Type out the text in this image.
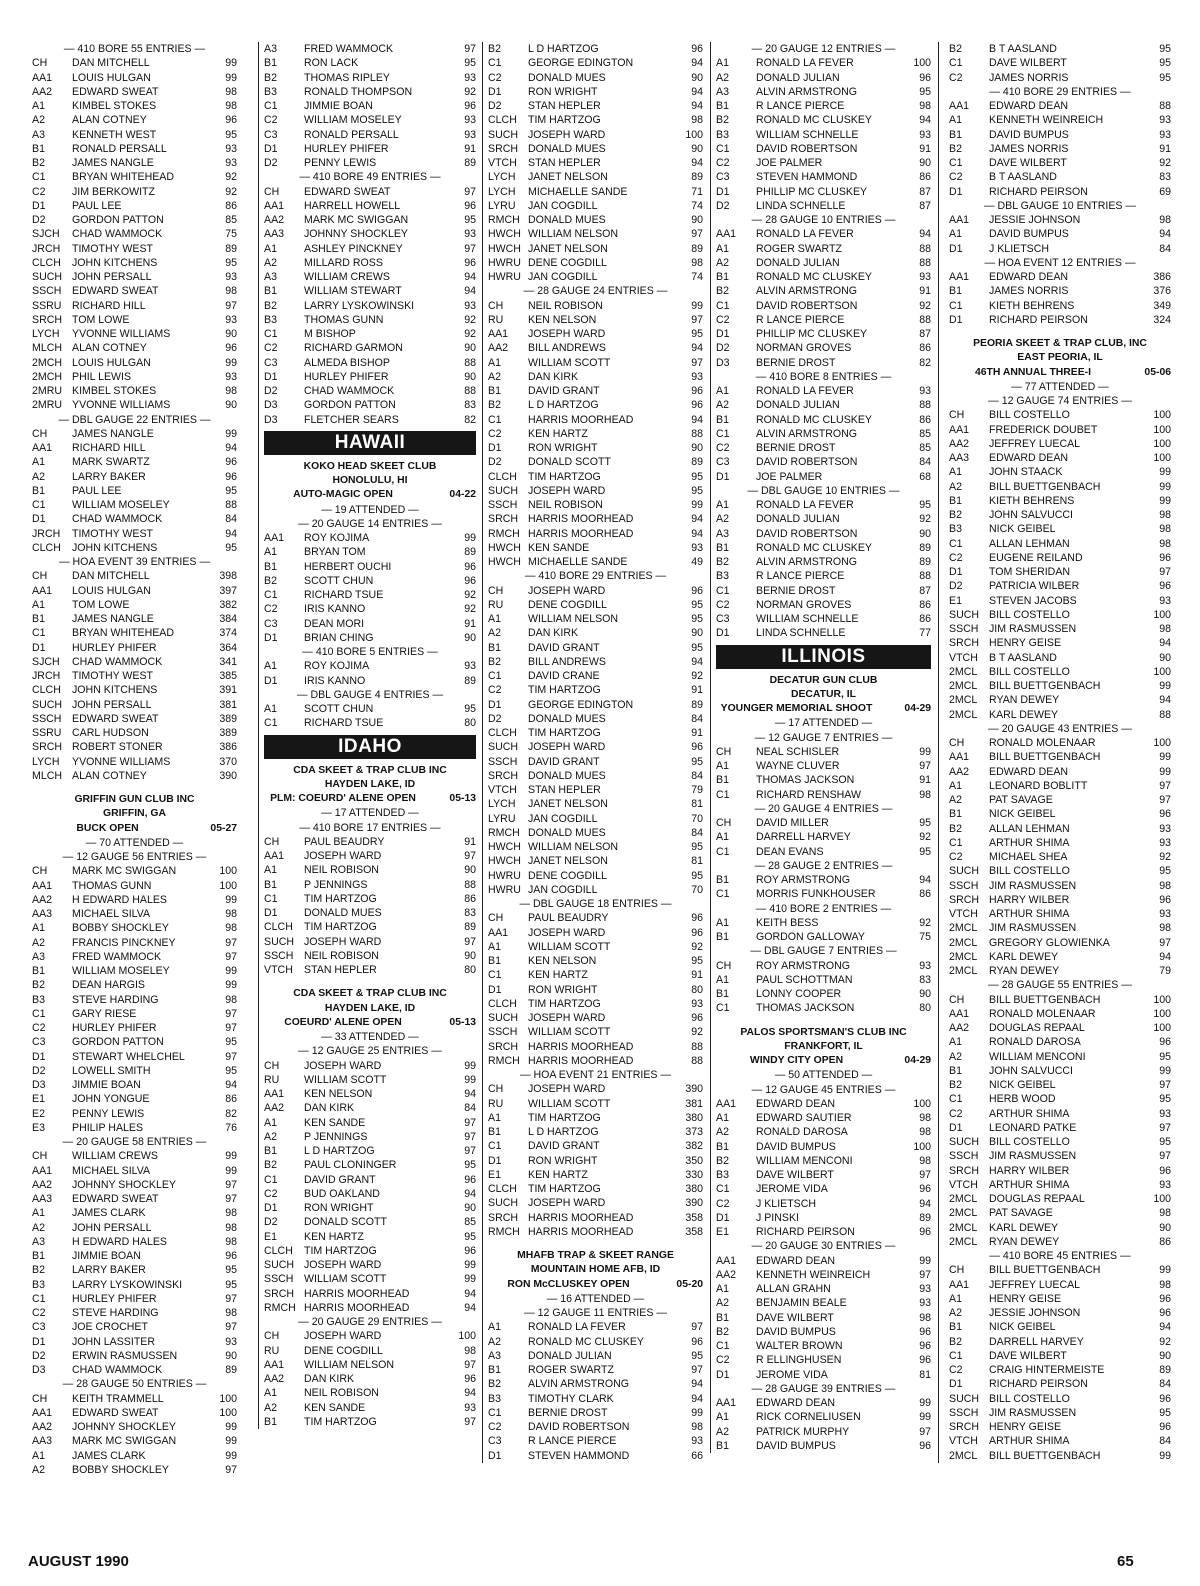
— 410 BORE 55 ENTRIES —
CH	DAN MITCHELL	99
AA1	LOUIS HULGAN	99
AA2	EDWARD SWEAT	98
A1	KIMBEL STOKES	98
A2	ALAN COTNEY	96
A3	KENNETH WEST	95
B1	RONALD PERSALL	93
B2	JAMES NANGLE	93
C1	BRYAN WHITEHEAD	92
C2	JIM BERKOWITZ	92
D1	PAUL LEE	86
D2	GORDON PATTON	85
SJCH	CHAD WAMMOCK	75
JRCH	TIMOTHY WEST	89
CLCH	JOHN KITCHENS	95
SUCH JOHN PERSALL	93
SSCH EDWARD SWEAT	98
SSRU RICHARD HILL	97
SRCH TOM LOWE	93
LYCH	YVONNE WILLIAMS	90
MLCH ALAN COTNEY	96
2MCH LOUIS HULGAN	99
2MCH PHIL LEWIS	93
2MRU KIMBEL STOKES	98
2MRU YVONNE WILLIAMS	90
— DBL GAUGE 22 ENTRIES —
CH	JAMES NANGLE	99
AA1	RICHARD HILL	94
A1	MARK SWARTZ	96
A2	LARRY BAKER	96
B1	PAUL LEE	95
C1	WILLIAM MOSELEY	88
D1	CHAD WAMMOCK	84
JRCH	TIMOTHY WEST	94
CLCH	JOHN KITCHENS	95
— HOA EVENT 39 ENTRIES —
CH	DAN MITCHELL	398
AA1	LOUIS HULGAN	397
A1	TOM LOWE	382
B1	JAMES NANGLE	384
C1	BRYAN WHITEHEAD	374
D1	HURLEY PHIFER	364
SJCH	CHAD WAMMOCK	341
JRCH	TIMOTHY WEST	385
CLCH	JOHN KITCHENS	391
SUCH JOHN PERSALL	381
SSCH EDWARD SWEAT	389
SSRU CARL HUDSON	389
SRCH ROBERT STONER	386
LYCH	YVONNE WILLIAMS	370
MLCH ALAN COTNEY	390
GRIFFIN GUN CLUB INC
GRIFFIN, GA
BUCK OPEN	05-27
— 70 ATTENDED —
— 12 GAUGE 56 ENTRIES —
CH	MARK MC SWIGGAN	100
AA1	THOMAS GUNN	100
AA2	H EDWARD HALES	99
AA3	MICHAEL SILVA	98
A1	BOBBY SHOCKLEY	98
A2	FRANCIS PINCKNEY	97
A3	FRED WAMMOCK	97
B1	WILLIAM MOSELEY	99
B2	DEAN HARGIS	99
B3	STEVE HARDING	98
C1	GARY RIESE	97
C2	HURLEY PHIFER	97
C3	GORDON PATTON	95
D1	STEWART WHELCHEL	97
D2	LOWELL SMITH	95
D3	JIMMIE BOAN	94
E1	JOHN YONGUE	86
E2	PENNY LEWIS	82
E3	PHILIP HALES	76
— 20 GAUGE 58 ENTRIES —
CH	WILLIAM CREWS	99
AA1	MICHAEL SILVA	99
AA2	JOHNNY SHOCKLEY	97
AA3	EDWARD SWEAT	97
A1	JAMES CLARK	98
A2	JOHN PERSALL	98
A3	H EDWARD HALES	98
B1	JIMMIE BOAN	96
B2	LARRY BAKER	95
B3	LARRY LYSKOWINSKI	95
C1	HURLEY PHIFER	97
C2	STEVE HARDING	98
C3	JOE CROCHET	97
D1	JOHN LASSITER	93
D2	ERWIN RASMUSSEN	90
D3	CHAD WAMMOCK	89
— 28 GAUGE 50 ENTRIES —
CH	KEITH TRAMMELL	100
AA1	EDWARD SWEAT	100
AA2	JOHNNY SHOCKLEY	99
AA3	MARK MC SWIGGAN	99
A1	JAMES CLARK	99
A2	BOBBY SHOCKLEY	97
A3	FRED WAMMOCK	97
B1	RON LACK	95
B2	THOMAS RIPLEY	93
B3	RONALD THOMPSON	92
C1	JIMMIE BOAN	96
C2	WILLIAM MOSELEY	93
C3	RONALD PERSALL	93
D1	HURLEY PHIFER	91
D2	PENNY LEWIS	89
— 410 BORE 49 ENTRIES —
CH	EDWARD SWEAT	97
AA1	HARRELL HOWELL	96
AA2	MARK MC SWIGGAN	95
AA3	JOHNNY SHOCKLEY	93
A1	ASHLEY PINCKNEY	97
A2	MILLARD ROSS	96
A3	WILLIAM CREWS	94
B1	WILLIAM STEWART	94
B2	LARRY LYSKOWINSKI	93
B3	THOMAS GUNN	92
C1	M BISHOP	92
C2	RICHARD GARMON	90
C3	ALMEDA BISHOP	88
D1	HURLEY PHIFER	90
D2	CHAD WAMMOCK	88
D3	GORDON PATTON	83
D3	FLETCHER SEARS	82
HAWAII
KOKO HEAD SKEET CLUB
HONOLULU, HI
AUTO-MAGIC OPEN	04-22
— 19 ATTENDED —
— 20 GAUGE 14 ENTRIES —
AA1	ROY KOJIMA	99
A1	BRYAN TOM	89
B1	HERBERT OUCHI	96
B2	SCOTT CHUN	96
C1	RICHARD TSUE	92
C2	IRIS KANNO	92
C3	DEAN MORI	91
D1	BRIAN CHING	90
— 410 BORE 5 ENTRIES —
A1	ROY KOJIMA	93
D1	IRIS KANNO	89
— DBL GAUGE 4 ENTRIES —
A1	SCOTT CHUN	95
C1	RICHARD TSUE	80
IDAHO
CDA SKEET & TRAP CLUB INC
HAYDEN LAKE, ID
PLM: COEURD' ALENE OPEN	05-13
— 17 ATTENDED —
— 410 BORE 17 ENTRIES —
CH	PAUL BEAUDRY	91
AA1	JOSEPH WARD	97
A1	NEIL ROBISON	90
B1	P JENNINGS	88
C1	TIM HARTZOG	86
D1	DONALD MUES	83
CLCH	TIM HARTZOG	89
SUCH JOSEPH WARD	97
SSCH NEIL ROBISON	90
VTCH	STAN HEPLER	80
CDA SKEET & TRAP CLUB INC
HAYDEN LAKE, ID
COEURD' ALENE OPEN	05-13
— 33 ATTENDED —
— 12 GAUGE 25 ENTRIES —
CH	JOSEPH WARD	99
RU	WILLIAM SCOTT	99
AA1	KEN NELSON	94
AA2	DAN KIRK	84
A1	KEN SANDE	97
A2	P JENNINGS	97
B1	L D HARTZOG	97
B2	PAUL CLONINGER	95
C1	DAVID GRANT	96
C2	BUD OAKLAND	94
D1	RON WRIGHT	90
D2	DONALD SCOTT	85
E1	KEN HARTZ	95
CLCH	TIM HARTZOG	96
SUCH JOSEPH WARD	99
SSCH WILLIAM SCOTT	99
SRCH HARRIS MOORHEAD	94
RMCH HARRIS MOORHEAD	94
— 20 GAUGE 29 ENTRIES —
CH	JOSEPH WARD	100
RU	DENE COGDILL	98
AA1	WILLIAM NELSON	97
AA2	DAN KIRK	96
A1	NEIL ROBISON	94
A2	KEN SANDE	93
B1	TIM HARTZOG	97
B2	L D HARTZOG	96
C1	GEORGE EDINGTON	94
C2	DONALD MUES	90
D1	RON WRIGHT	94
D2	STAN HEPLER	94
CLCH	TIM HARTZOG	98
SUCH JOSEPH WARD	100
SRCH DONALD MUES	90
VTCH	STAN HEPLER	94
LYCH	JANET NELSON	89
LYCH	MICHAELLE SANDE	71
LYRU	JAN COGDILL	74
RMCH DONALD MUES	90
HWCH WILLIAM NELSON	97
HWCH JANET NELSON	89
HWRU DENE COGDILL	98
HWRU JAN COGDILL	74
— 28 GAUGE 24 ENTRIES —
CH	NEIL ROBISON	99
RU	KEN NELSON	97
AA1	JOSEPH WARD	95
AA2	BILL ANDREWS	94
A1	WILLIAM SCOTT	97
A2	DAN KIRK	93
B1	DAVID GRANT	96
B2	L D HARTZOG	96
C1	HARRIS MOORHEAD	94
C2	KEN HARTZ	88
D1	RON WRIGHT	90
D2	DONALD SCOTT	89
CLCH	TIM HARTZOG	95
SUCH JOSEPH WARD	95
SSCH NEIL ROBISON	99
SRCH HARRIS MOORHEAD	94
RMCH HARRIS MOORHEAD	94
HWCH KEN SANDE	93
HWCH MICHAELLE SANDE	49
— 410 BORE 29 ENTRIES —
CH	JOSEPH WARD	96
RU	DENE COGDILL	95
A1	WILLIAM NELSON	95
A2	DAN KIRK	90
B1	DAVID GRANT	95
B2	BILL ANDREWS	94
C1	DAVID CRANE	92
C2	TIM HARTZOG	91
D1	GEORGE EDINGTON	89
D2	DONALD MUES	84
CLCH	TIM HARTZOG	91
SUCH JOSEPH WARD	96
SSCH DAVID GRANT	95
SRCH DONALD MUES	84
VTCH	STAN HEPLER	79
LYCH	JANET NELSON	81
LYRU	JAN COGDILL	70
RMCH DONALD MUES	84
HWCH WILLIAM NELSON	95
HWCH JANET NELSON	81
HWRU DENE COGDILL	95
HWRU JAN COGDILL	70
— DBL GAUGE 18 ENTRIES —
CH	PAUL BEAUDRY	96
AA1	JOSEPH WARD	96
A1	WILLIAM SCOTT	92
B1	KEN NELSON	95
C1	KEN HARTZ	91
D1	RON WRIGHT	80
CLCH	TIM HARTZOG	93
SUCH JOSEPH WARD	96
SSCH WILLIAM SCOTT	92
SRCH HARRIS MOORHEAD	88
RMCH HARRIS MOORHEAD	88
— HOA EVENT 21 ENTRIES —
CH	JOSEPH WARD	390
RU	WILLIAM SCOTT	381
A1	TIM HARTZOG	380
B1	L D HARTZOG	373
C1	DAVID GRANT	382
D1	RON WRIGHT	350
E1	KEN HARTZ	330
CLCH	TIM HARTZOG	380
SUCH JOSEPH WARD	390
SRCH HARRIS MOORHEAD	358
RMCH HARRIS MOORHEAD	358
MHAFB TRAP & SKEET RANGE
MOUNTAIN HOME AFB, ID
RON McCLUSKEY OPEN	05-20
— 16 ATTENDED —
— 12 GAUGE 11 ENTRIES —
A1	RONALD LA FEVER	97
A2	RONALD MC CLUSKEY	96
A3	DONALD JULIAN	95
B1	ROGER SWARTZ	97
B2	ALVIN ARMSTRONG	94
B3	TIMOTHY CLARK	94
C1	BERNIE DROST	99
C2	DAVID ROBERTSON	98
C3	R LANCE PIERCE	93
D1	STEVEN HAMMOND	66
— 20 GAUGE 12 ENTRIES —
A1	RONALD LA FEVER	100
A2	DONALD JULIAN	96
A3	ALVIN ARMSTRONG	95
B1	R LANCE PIERCE	98
B2	RONALD MC CLUSKEY	94
B3	WILLIAM SCHNELLE	93
C1	DAVID ROBERTSON	91
C2	JOE PALMER	90
C3	STEVEN HAMMOND	86
D1	PHILLIP MC CLUSKEY	87
D2	LINDA SCHNELLE	87
— 28 GAUGE 10 ENTRIES —
AA1	RONALD LA FEVER	94
A1	ROGER SWARTZ	88
A2	DONALD JULIAN	88
B1	RONALD MC CLUSKEY	93
B2	ALVIN ARMSTRONG	91
C1	DAVID ROBERTSON	92
C2	R LANCE PIERCE	88
D1	PHILLIP MC CLUSKEY	87
D2	NORMAN GROVES	86
D3	BERNIE DROST	82
— 410 BORE 8 ENTRIES —
A1	RONALD LA FEVER	93
A2	DONALD JULIAN	88
B1	RONALD MC CLUSKEY	86
C1	ALVIN ARMSTRONG	85
C2	BERNIE DROST	85
C3	DAVID ROBERTSON	84
D1	JOE PALMER	68
— DBL GAUGE 10 ENTRIES —
A1	RONALD LA FEVER	95
A2	DONALD JULIAN	92
A3	DAVID ROBERTSON	90
B1	RONALD MC CLUSKEY	89
B2	ALVIN ARMSTRONG	89
B3	R LANCE PIERCE	88
C1	BERNIE DROST	87
C2	NORMAN GROVES	86
C3	WILLIAM SCHNELLE	86
D1	LINDA SCHNELLE	77
ILLINOIS
DECATUR GUN CLUB
DECATUR, IL
YOUNGER MEMORIAL SHOOT	04-29
— 17 ATTENDED —
— 12 GAUGE 7 ENTRIES —
CH	NEAL SCHISLER	99
A1	WAYNE CLUVER	97
B1	THOMAS JACKSON	91
C1	RICHARD RENSHAW	98
— 20 GAUGE 4 ENTRIES —
CH	DAVID MILLER	95
A1	DARRELL HARVEY	92
C1	DEAN EVANS	95
— 28 GAUGE 2 ENTRIES —
B1	ROY ARMSTRONG	94
C1	MORRIS FUNKHOUSER	86
— 410 BORE 2 ENTRIES —
A1	KEITH BESS	92
B1	GORDON GALLOWAY	75
— DBL GAUGE 7 ENTRIES —
CH	ROY ARMSTRONG	93
A1	PAUL SCHOTTMAN	83
B1	LONNY COOPER	90
C1	THOMAS JACKSON	80
PALOS SPORTSMAN'S CLUB INC
FRANKFORT, IL
WINDY CITY OPEN	04-29
— 50 ATTENDED —
— 12 GAUGE 45 ENTRIES —
AA1	EDWARD DEAN	100
A1	EDWARD SAUTIER	98
A2	RONALD DAROSA	98
B1	DAVID BUMPUS	100
B2	WILLIAM MENCONI	98
B3	DAVE WILBERT	97
C1	JEROME VIDA	96
C2	J KLIETSCH	94
D1	J PINSKI	89
E1	RICHARD PEIRSON	96
— 20 GAUGE 30 ENTRIES —
AA1	EDWARD DEAN	99
AA2	KENNETH WEINREICH	97
A1	ALLAN GRAHN	93
A2	BENJAMIN BEALE	93
B1	DAVE WILBERT	98
B2	DAVID BUMPUS	96
C1	WALTER BROWN	96
C2	R ELLINGHUSEN	96
D1	JEROME VIDA	81
— 28 GAUGE 39 ENTRIES —
AA1	EDWARD DEAN	99
A1	RICK CORNELIUSEN	99
A2	PATRICK MURPHY	97
B1	DAVID BUMPUS	96
B2	B T AASLAND	95
C1	DAVE WILBERT	95
C2	JAMES NORRIS	95
— 410 BORE 29 ENTRIES —
AA1	EDWARD DEAN	88
A1	KENNETH WEINREICH	93
B1	DAVID BUMPUS	93
B2	JAMES NORRIS	91
C1	DAVE WILBERT	92
C2	B T AASLAND	83
D1	RICHARD PEIRSON	69
— DBL GAUGE 10 ENTRIES —
AA1	JESSIE JOHNSON	98
A1	DAVID BUMPUS	94
D1	J KLIETSCH	84
— HOA EVENT 12 ENTRIES —
AA1	EDWARD DEAN	386
B1	JAMES NORRIS	376
C1	KIETH BEHRENS	349
D1	RICHARD PEIRSON	324
PEORIA SKEET & TRAP CLUB, INC
EAST PEORIA, IL
46TH ANNUAL THREE-I	05-06
— 77 ATTENDED —
— 12 GAUGE 74 ENTRIES —
CH	BILL COSTELLO	100
AA1	FREDERICK DOUBET	100
AA2	JEFFREY LUECAL	100
AA3	EDWARD DEAN	100
A1	JOHN STAACK	99
A2	BILL BUETTGENBACH	99
B1	KIETH BEHRENS	99
B2	JOHN SALVUCCI	98
B3	NICK GEIBEL	98
C1	ALLAN LEHMAN	98
C2	EUGENE REILAND	96
D1	TOM SHERIDAN	97
D2	PATRICIA WILBER	96
E1	STEVEN JACOBS	93
SUCH BILL COSTELLO	100
SSCH JIM RASMUSSEN	98
SRCH HENRY GEISE	94
VTCH	B T AASLAND	90
2MCL	BILL COSTELLO	100
2MCL	BILL BUETTGENBACH	99
2MCL	RYAN DEWEY	94
2MCL	KARL DEWEY	88
— 20 GAUGE 43 ENTRIES —
CH	RONALD MOLENAAR	100
AA1	BILL BUETTGENBACH	99
AA2	EDWARD DEAN	99
A1	LEONARD BOBLITT	97
A2	PAT SAVAGE	97
B1	NICK GEIBEL	96
B2	ALLAN LEHMAN	93
C1	ARTHUR SHIMA	93
C2	MICHAEL SHEA	92
SUCH BILL COSTELLO	95
SSCH JIM RASMUSSEN	98
SRCH HARRY WILBER	96
VTCH	ARTHUR SHIMA	93
2MCL	JIM RASMUSSEN	98
2MCL	GREGORY GLOWIENKA	97
2MCL	KARL DEWEY	94
2MCL	RYAN DEWEY	79
— 28 GAUGE 55 ENTRIES —
CH	BILL BUETTGENBACH	100
AA1	RONALD MOLENAAR	100
AA2	DOUGLAS REPAAL	100
A1	RONALD DAROSA	96
A2	WILLIAM MENCONI	95
B1	JOHN SALVUCCI	99
B2	NICK GEIBEL	97
C1	HERB WOOD	95
C2	ARTHUR SHIMA	93
D1	LEONARD PATKE	97
SUCH BILL COSTELLO	95
SSCH JIM RASMUSSEN	97
SRCH HARRY WILBER	96
VTCH	ARTHUR SHIMA	93
2MCL	DOUGLAS REPAAL	100
2MCL	PAT SAVAGE	98
2MCL	KARL DEWEY	90
2MCL	RYAN DEWEY	86
— 410 BORE 45 ENTRIES —
CH	BILL BUETTGENBACH	99
AA1	JEFFREY LUECAL	98
A1	HENRY GEISE	96
A2	JESSIE JOHNSON	96
B1	NICK GEIBEL	94
B2	DARRELL HARVEY	92
C1	DAVE WILBERT	90
C2	CRAIG HINTERMEISTE	89
D1	RICHARD PEIRSON	84
SUCH BILL COSTELLO	96
SSCH JIM RASMUSSEN	95
SRCH HENRY GEISE	96
VTCH	ARTHUR SHIMA	84
2MCL	BILL BUETTGENBACH	99
AUGUST 1990	65
